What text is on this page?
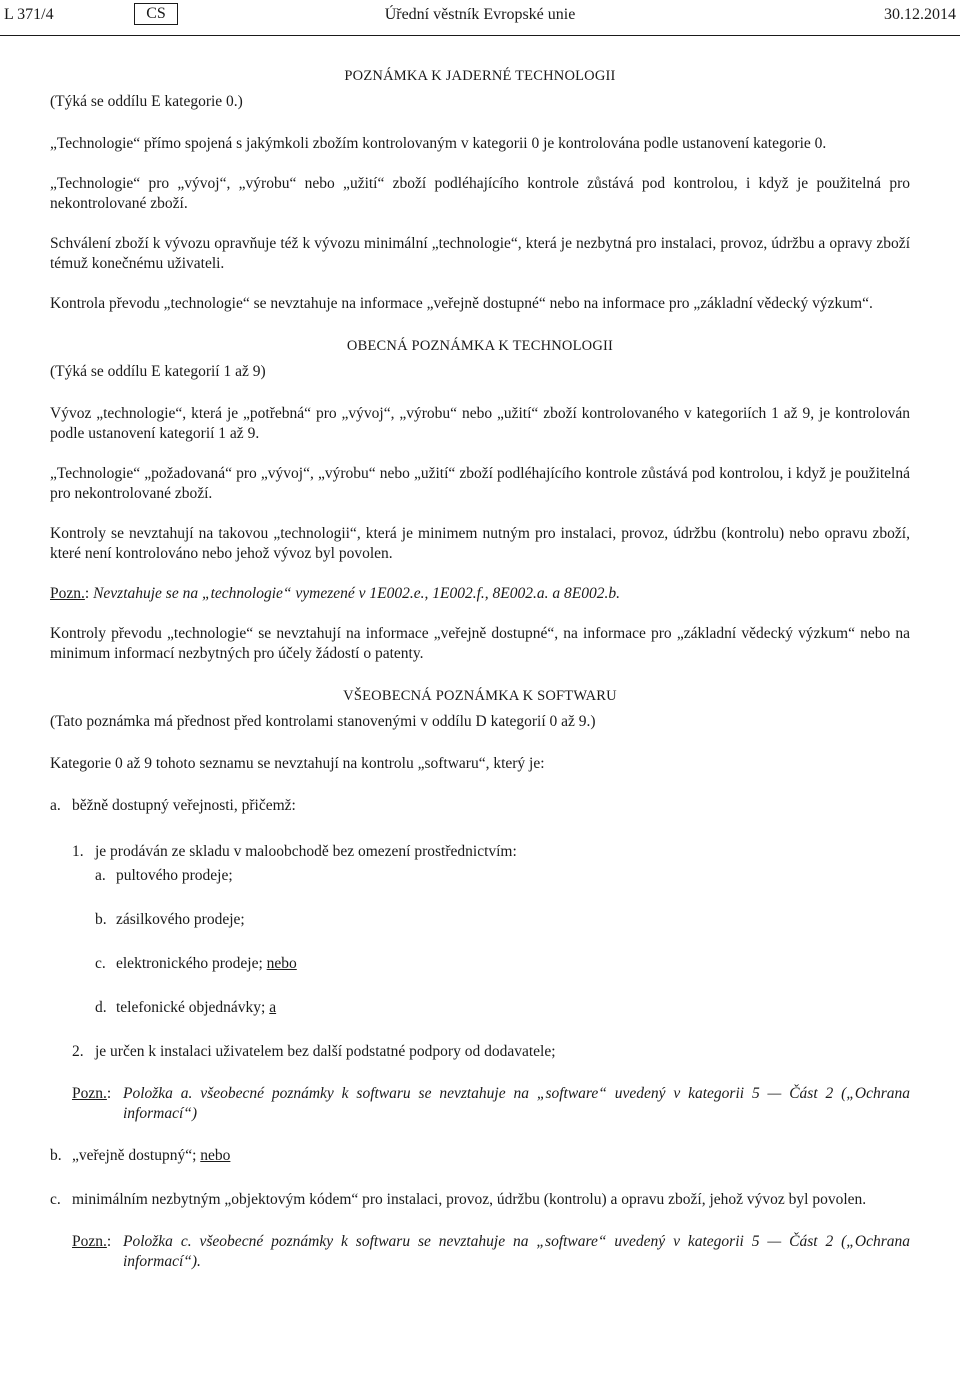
L 371/4	CS	Úřední věstník Evropské unie	30.12.2014

POZNÁMKA K JADERNÉ TECHNOLOGII

(Týká se oddílu E kategorie 0.)

„Technologie“ přímo spojená s jakýmkoli zbožím kontrolovaným v kategorii 0 je kontrolována podle ustanovení kategorie 0.

„Technologie“ pro „vývoj“, „výrobu“ nebo „užití“ zboží podléhajícího kontrole zůstává pod kontrolou, i když je použitelná pro nekontrolované zboží.

Schválení zboží k vývozu opravňuje též k vývozu minimální „technologie“, která je nezbytná pro instalaci, provoz, údržbu a opravy zboží témuž konečnému uživateli.

Kontrola převodu „technologie“ se nevztahuje na informace „veřejně dostupné“ nebo na informace pro „základní vědecký výzkum“.

OBECNÁ POZNÁMKA K TECHNOLOGII

(Týká se oddílu E kategorií 1 až 9)

Vývoz „technologie“, která je „potřebná“ pro „vývoj“, „výrobu“ nebo „užití“ zboží kontrolovaného v kategoriích 1 až 9, je kontrolován podle ustanovení kategorií 1 až 9.

„Technologie“ „požadovaná“ pro „vývoj“, „výrobu“ nebo „užití“ zboží podléhajícího kontrole zůstává pod kontrolou, i když je použitelná pro nekontrolované zboží.

Kontroly se nevztahují na takovou „technologii“, která je minimem nutným pro instalaci, provoz, údržbu (kontrolu) nebo opravu zboží, které není kontrolováno nebo jehož vývoz byl povolen.

Pozn.: Nevztahuje se na „technologie“ vymezené v 1E002.e., 1E002.f., 8E002.a. a 8E002.b.

Kontroly převodu „technologie“ se nevztahují na informace „veřejně dostupné“, na informace pro „základní vědecký výzkum“ nebo na minimum informací nezbytných pro účely žádostí o patenty.

VŠEOBECNÁ POZNÁMKA K SOFTWARU

(Tato poznámka má přednost před kontrolami stanovenými v oddílu D kategorií 0 až 9.)

Kategorie 0 až 9 tohoto seznamu se nevztahují na kontrolu „softwaru“, který je:

a. běžně dostupný veřejnosti, přičemž:
1. je prodáván ze skladu v maloobchodě bez omezení prostřednictvím:
a. pultového prodeje;
b. zásilkového prodeje;
c. elektronického prodeje; nebo
d. telefonické objednávky; a
2. je určen k instalaci uživatelem bez další podstatné podpory od dodavatele;
Pozn.: Položka a. všeobecné poznámky k softwaru se nevztahuje na „software“ uvedený v kategorii 5 — Část 2 („Ochrana informací“)
b. „veřejně dostupný“; nebo
c. minimálním nezbytným „objektovým kódem“ pro instalaci, provoz, údržbu (kontrolu) a opravu zboží, jehož vývoz byl povolen.
Pozn.: Položka c. všeobecné poznámky k softwaru se nevztahuje na „software“ uvedený v kategorii 5 — Část 2 („Ochrana informací“).
